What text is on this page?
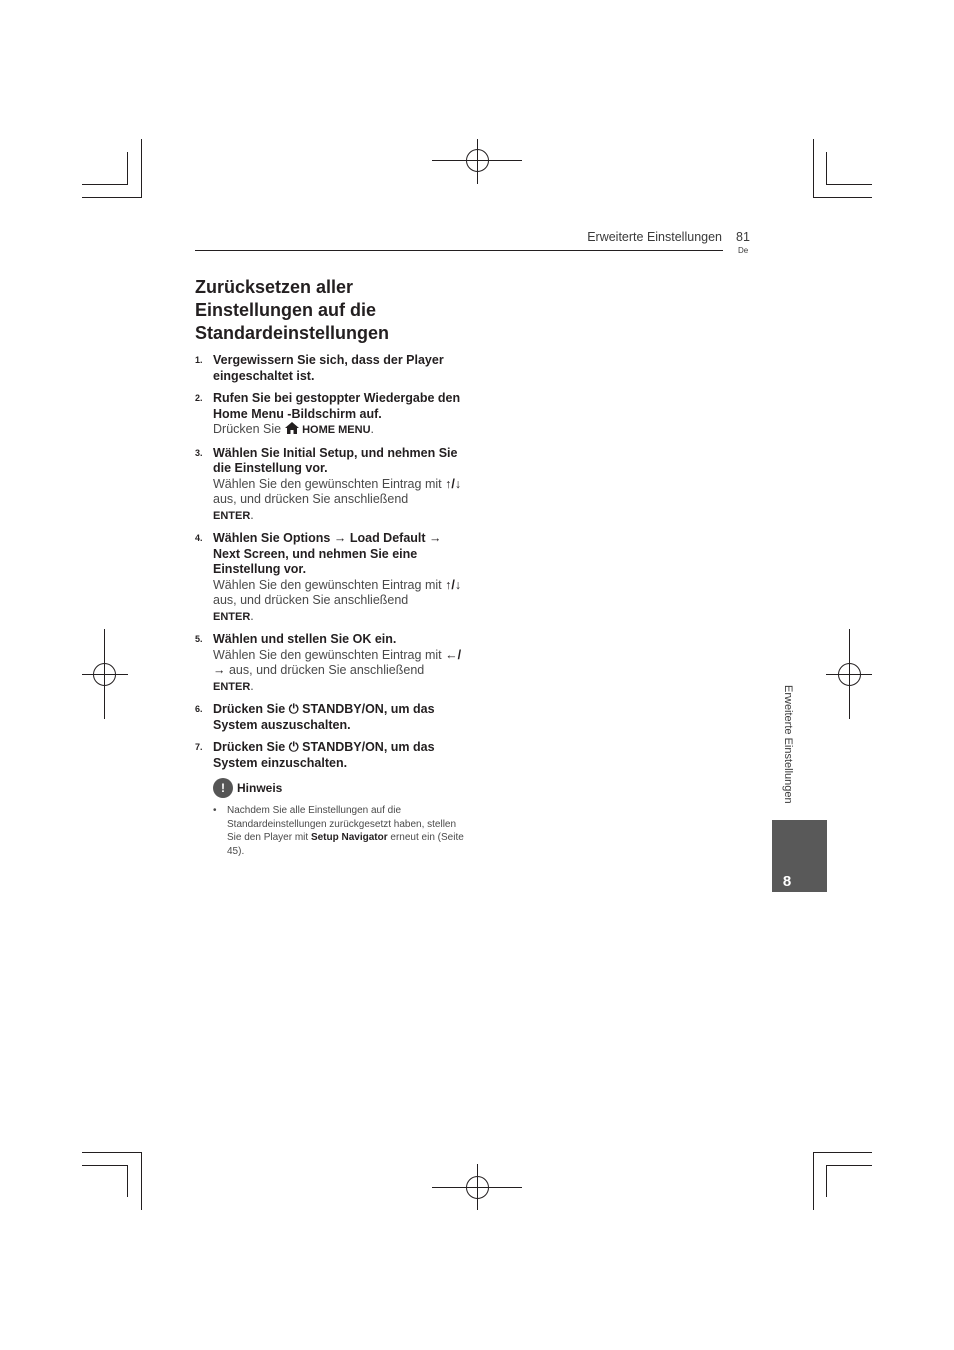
Erweiterte Einstellungen 81
De
Zurücksetzen aller
Einstellungen auf die
Standardeinstellungen
1. Vergewissern Sie sich, dass der Player eingeschaltet ist.
2. Rufen Sie bei gestoppter Wiedergabe den Home Menu -Bildschirm auf.
Drücken Sie HOME MENU.
3. Wählen Sie Initial Setup, und nehmen Sie die Einstellung vor.
Wählen Sie den gewünschten Eintrag mit ↑/↓ aus, und drücken Sie anschließend
ENTER.
4. Wählen Sie Options → Load Default → Next Screen, und nehmen Sie eine Einstellung vor.
Wählen Sie den gewünschten Eintrag mit ↑/↓ aus, und drücken Sie anschließend
ENTER.
5. Wählen und stellen Sie OK ein.
Wählen Sie den gewünschten Eintrag mit ←/→ aus, und drücken Sie anschließend
ENTER.
6. Drücken Sie ⏻ STANDBY/ON, um das System auszuschalten.
7. Drücken Sie ⏻ STANDBY/ON, um das System einzuschalten.
!	Hinweis
• Nachdem Sie alle Einstellungen auf die Standardeinstellungen zurückgesetzt haben, stellen Sie den Player mit Setup Navigator erneut ein (Seite 45).
Erweiterte Einstellungen
8
